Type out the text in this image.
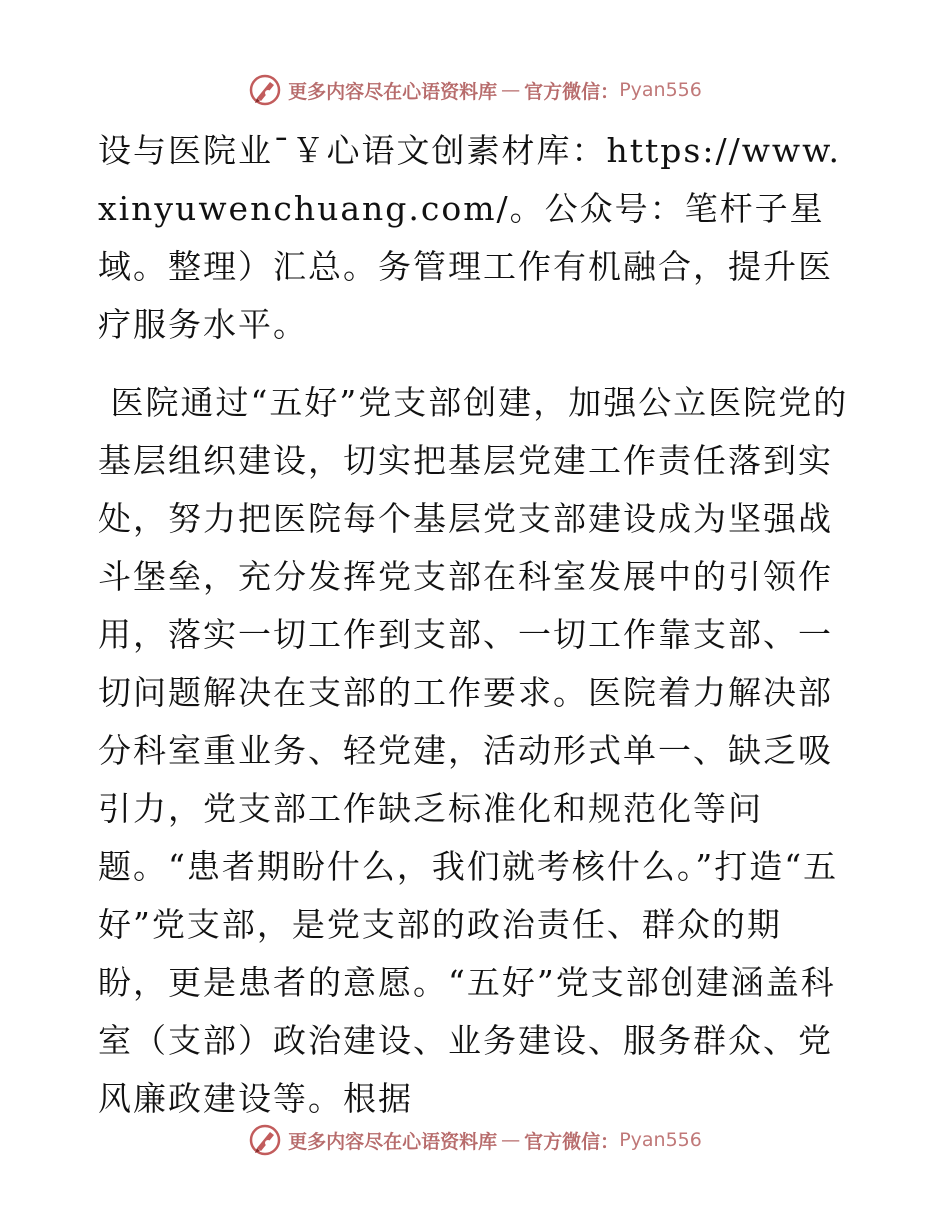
更多内容尽在心语资料库 — 官方微信： Pyan556

设与医院业¯￥心语文创素材库：https://www.xinyuwenchuang.com/。公众号：笔杆子星域。整理）汇总。务管理工作有机融合，提升医疗服务水平。

医院通过“五好”党支部创建，加强公立医院党的基层组织建设，切实把基层党建工作责任落到实处，努力把医院每个基层党支部建设成为坚强战斗堡垒，充分发挥党支部在科室发展中的引领作用，落实一切工作到支部、一切工作靠支部、一切问题解决在支部的工作要求。医院着力解决部分科室重业务、轻党建，活动形式单一、缺乏吸引力，党支部工作缺乏标准化和规范化等问题。“患者期盼什么，我们就考核什么。”打造“五好”党支部，是党支部的政治责任、群众的期盼，更是患者的意愿。“五好”党支部创建涵盖科室（支部）政治建设、业务建设、服务群众、党风廉政建设等。根据

更多内容尽在心语资料库 — 官方微信： Pyan556
